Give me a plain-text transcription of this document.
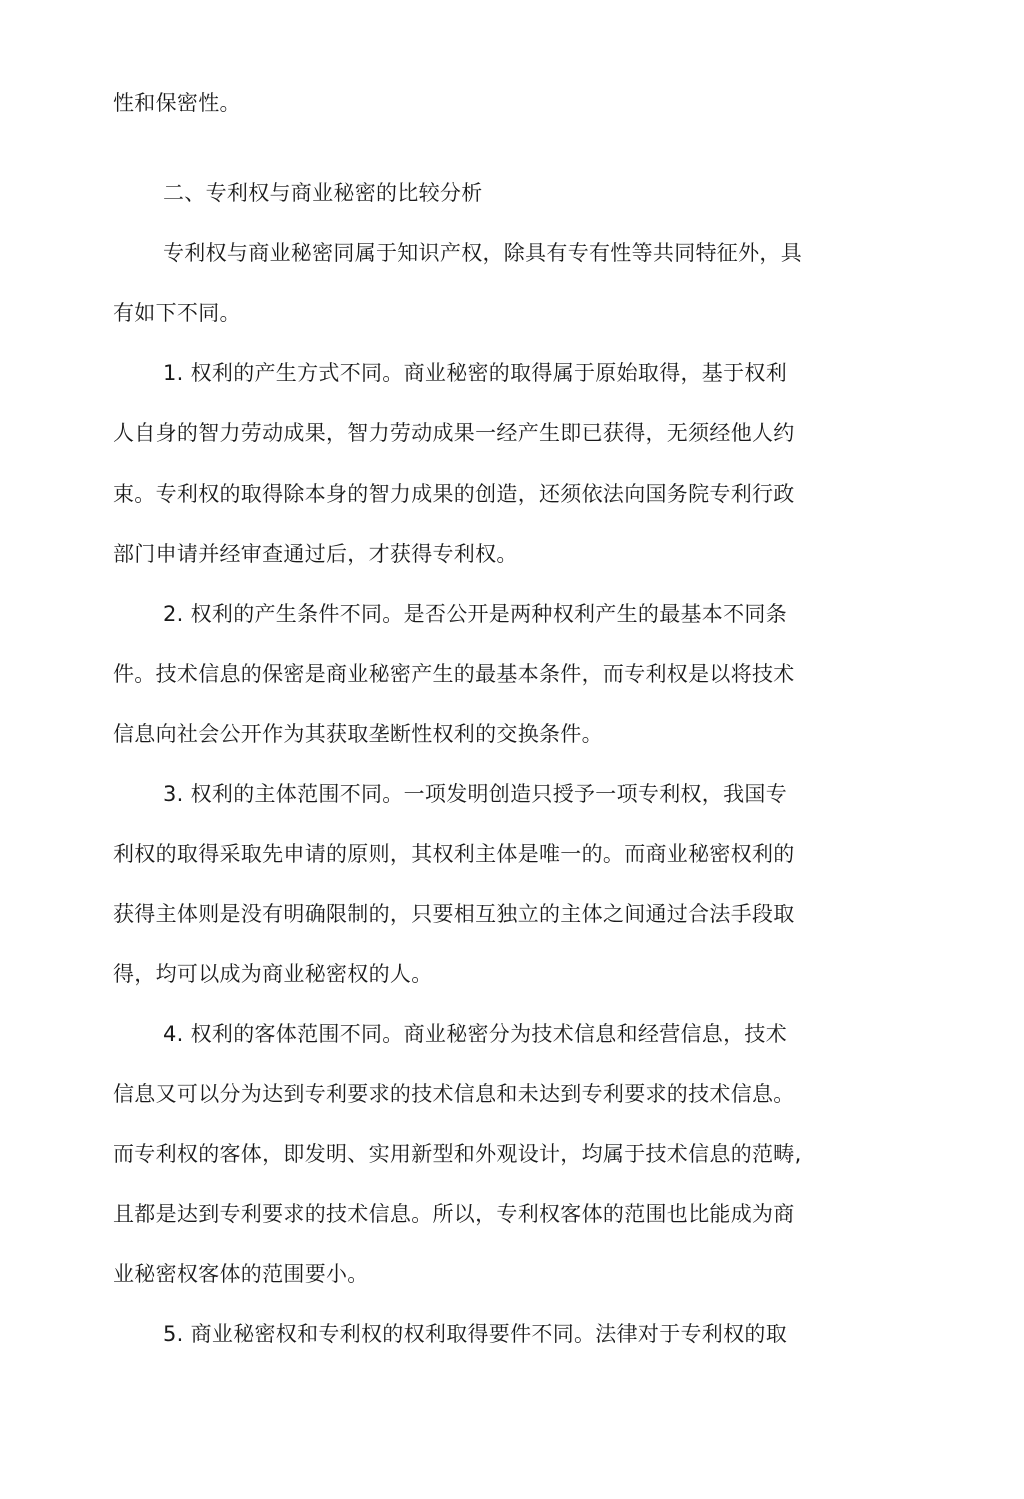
性和保密性。
二、专利权与商业秘密的比较分析
专利权与商业秘密同属于知识产权，除具有专有性等共同特征外，具
有如下不同。
1. 权利的产生方式不同。商业秘密的取得属于原始取得，基于权利
人自身的智力劳动成果，智力劳动成果一经产生即已获得，无须经他人约
束。专利权的取得除本身的智力成果的创造，还须依法向国务院专利行政
部门申请并经审查通过后，才获得专利权。
2. 权利的产生条件不同。是否公开是两种权利产生的最基本不同条
件。技术信息的保密是商业秘密产生的最基本条件，而专利权是以将技术
信息向社会公开作为其获取垄断性权利的交换条件。
3. 权利的主体范围不同。一项发明创造只授予一项专利权，我国专
利权的取得采取先申请的原则，其权利主体是唯一的。而商业秘密权利的
获得主体则是没有明确限制的，只要相互独立的主体之间通过合法手段取
得，均可以成为商业秘密权的人。
4. 权利的客体范围不同。商业秘密分为技术信息和经营信息，技术
信息又可以分为达到专利要求的技术信息和未达到专利要求的技术信息。
而专利权的客体，即发明、实用新型和外观设计，均属于技术信息的范畴,
且都是达到专利要求的技术信息。所以，专利权客体的范围也比能成为商
业秘密权客体的范围要小。
5. 商业秘密权和专利权的权利取得要件不同。法律对于专利权的取
